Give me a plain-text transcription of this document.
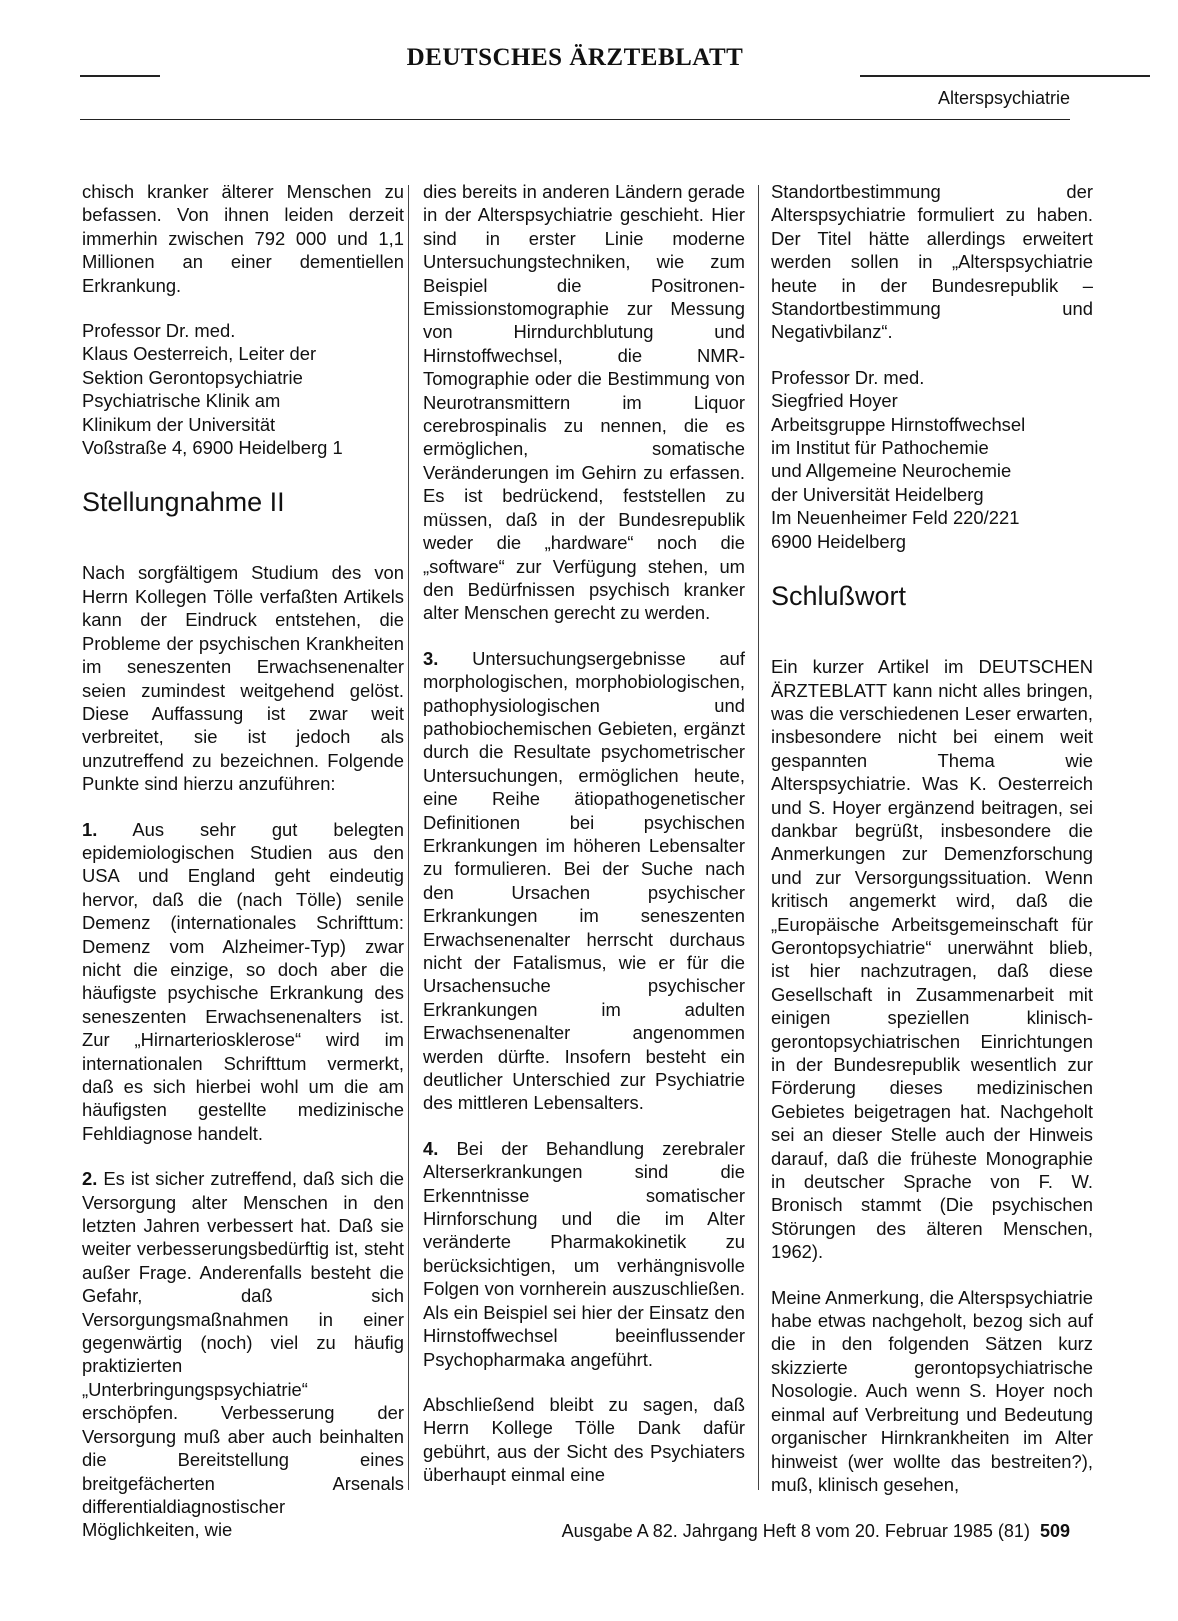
DEUTSCHES ÄRZTEBLATT
Alterspsychiatrie

chisch kranker älterer Menschen zu befassen. Von ihnen leiden derzeit immerhin zwischen 792 000 und 1,1 Millionen an einer dementiellen Erkrankung.

Professor Dr. med.
Klaus Oesterreich, Leiter der
Sektion Gerontopsychiatrie
Psychiatrische Klinik am
Klinikum der Universität
Voßstraße 4, 6900 Heidelberg 1

Stellungnahme II

Nach sorgfältigem Studium des von Herrn Kollegen Tölle verfaßten Artikels kann der Eindruck entstehen, die Probleme der psychischen Krankheiten im seneszenten Erwachsenenalter seien zumindest weitgehend gelöst. Diese Auffassung ist zwar weit verbreitet, sie ist jedoch als unzutreffend zu bezeichnen. Folgende Punkte sind hierzu anzuführen:

1. Aus sehr gut belegten epidemiologischen Studien aus den USA und England geht eindeutig hervor, daß die (nach Tölle) senile Demenz (internationales Schrifttum: Demenz vom Alzheimer-Typ) zwar nicht die einzige, so doch aber die häufigste psychische Erkrankung des seneszenten Erwachsenenalters ist. Zur „Hirnarteriosklerose“ wird im internationalen Schrifttum vermerkt, daß es sich hierbei wohl um die am häufigsten gestellte medizinische Fehldiagnose handelt.

2. Es ist sicher zutreffend, daß sich die Versorgung alter Menschen in den letzten Jahren verbessert hat. Daß sie weiter verbesserungsbedürftig ist, steht außer Frage. Anderenfalls besteht die Gefahr, daß sich Versorgungsmaßnahmen in einer gegenwärtig (noch) viel zu häufig praktizierten „Unterbringungspsychiatrie“ erschöpfen. Verbesserung der Versorgung muß aber auch beinhalten die Bereitstellung eines breitgefächerten Arsenals differentialdiagnostischer Möglichkeiten, wie

dies bereits in anderen Ländern gerade in der Alterspsychiatrie geschieht. Hier sind in erster Linie moderne Untersuchungstechniken, wie zum Beispiel die Positronen-Emissionstomographie zur Messung von Hirndurchblutung und Hirnstoffwechsel, die NMR-Tomographie oder die Bestimmung von Neurotransmittern im Liquor cerebrospinalis zu nennen, die es ermöglichen, somatische Veränderungen im Gehirn zu erfassen. Es ist bedrückend, feststellen zu müssen, daß in der Bundesrepublik weder die „hardware“ noch die „software“ zur Verfügung stehen, um den Bedürfnissen psychisch kranker alter Menschen gerecht zu werden.

3. Untersuchungsergebnisse auf morphologischen, morphobiologischen, pathophysiologischen und pathobiochemischen Gebieten, ergänzt durch die Resultate psychometrischer Untersuchungen, ermöglichen heute, eine Reihe ätiopathogenetischer Definitionen bei psychischen Erkrankungen im höheren Lebensalter zu formulieren. Bei der Suche nach den Ursachen psychischer Erkrankungen im seneszenten Erwachsenenalter herrscht durchaus nicht der Fatalismus, wie er für die Ursachensuche psychischer Erkrankungen im adulten Erwachsenenalter angenommen werden dürfte. Insofern besteht ein deutlicher Unterschied zur Psychiatrie des mittleren Lebensalters.

4. Bei der Behandlung zerebraler Alterserkrankungen sind die Erkenntnisse somatischer Hirnforschung und die im Alter veränderte Pharmakokinetik zu berücksichtigen, um verhängnisvolle Folgen von vornherein auszuschließen. Als ein Beispiel sei hier der Einsatz den Hirnstoffwechsel beeinflussender Psychopharmaka angeführt.

Abschließend bleibt zu sagen, daß Herrn Kollege Tölle Dank dafür gebührt, aus der Sicht des Psychiaters überhaupt einmal eine

Standortbestimmung der Alterspsychiatrie formuliert zu haben. Der Titel hätte allerdings erweitert werden sollen in „Alterspsychiatrie heute in der Bundesrepublik – Standortbestimmung und Negativbilanz“.

Professor Dr. med.
Siegfried Hoyer
Arbeitsgruppe Hirnstoffwechsel
im Institut für Pathochemie
und Allgemeine Neurochemie
der Universität Heidelberg
Im Neuenheimer Feld 220/221
6900 Heidelberg

Schlußwort

Ein kurzer Artikel im DEUTSCHEN ÄRZTEBLATT kann nicht alles bringen, was die verschiedenen Leser erwarten, insbesondere nicht bei einem weit gespannten Thema wie Alterspsychiatrie. Was K. Oesterreich und S. Hoyer ergänzend beitragen, sei dankbar begrüßt, insbesondere die Anmerkungen zur Demenzforschung und zur Versorgungssituation. Wenn kritisch angemerkt wird, daß die „Europäische Arbeitsgemeinschaft für Gerontopsychiatrie“ unerwähnt blieb, ist hier nachzutragen, daß diese Gesellschaft in Zusammenarbeit mit einigen speziellen klinisch-gerontopsychiatrischen Einrichtungen in der Bundesrepublik wesentlich zur Förderung dieses medizinischen Gebietes beigetragen hat. Nachgeholt sei an dieser Stelle auch der Hinweis darauf, daß die früheste Monographie in deutscher Sprache von F. W. Bronisch stammt (Die psychischen Störungen des älteren Menschen, 1962).

Meine Anmerkung, die Alterspsychiatrie habe etwas nachgeholt, bezog sich auf die in den folgenden Sätzen kurz skizzierte gerontopsychiatrische Nosologie. Auch wenn S. Hoyer noch einmal auf Verbreitung und Bedeutung organischer Hirnkrankheiten im Alter hinweist (wer wollte das bestreiten?), muß, klinisch gesehen,

Ausgabe A 82. Jahrgang Heft 8 vom 20. Februar 1985 (81) 509
